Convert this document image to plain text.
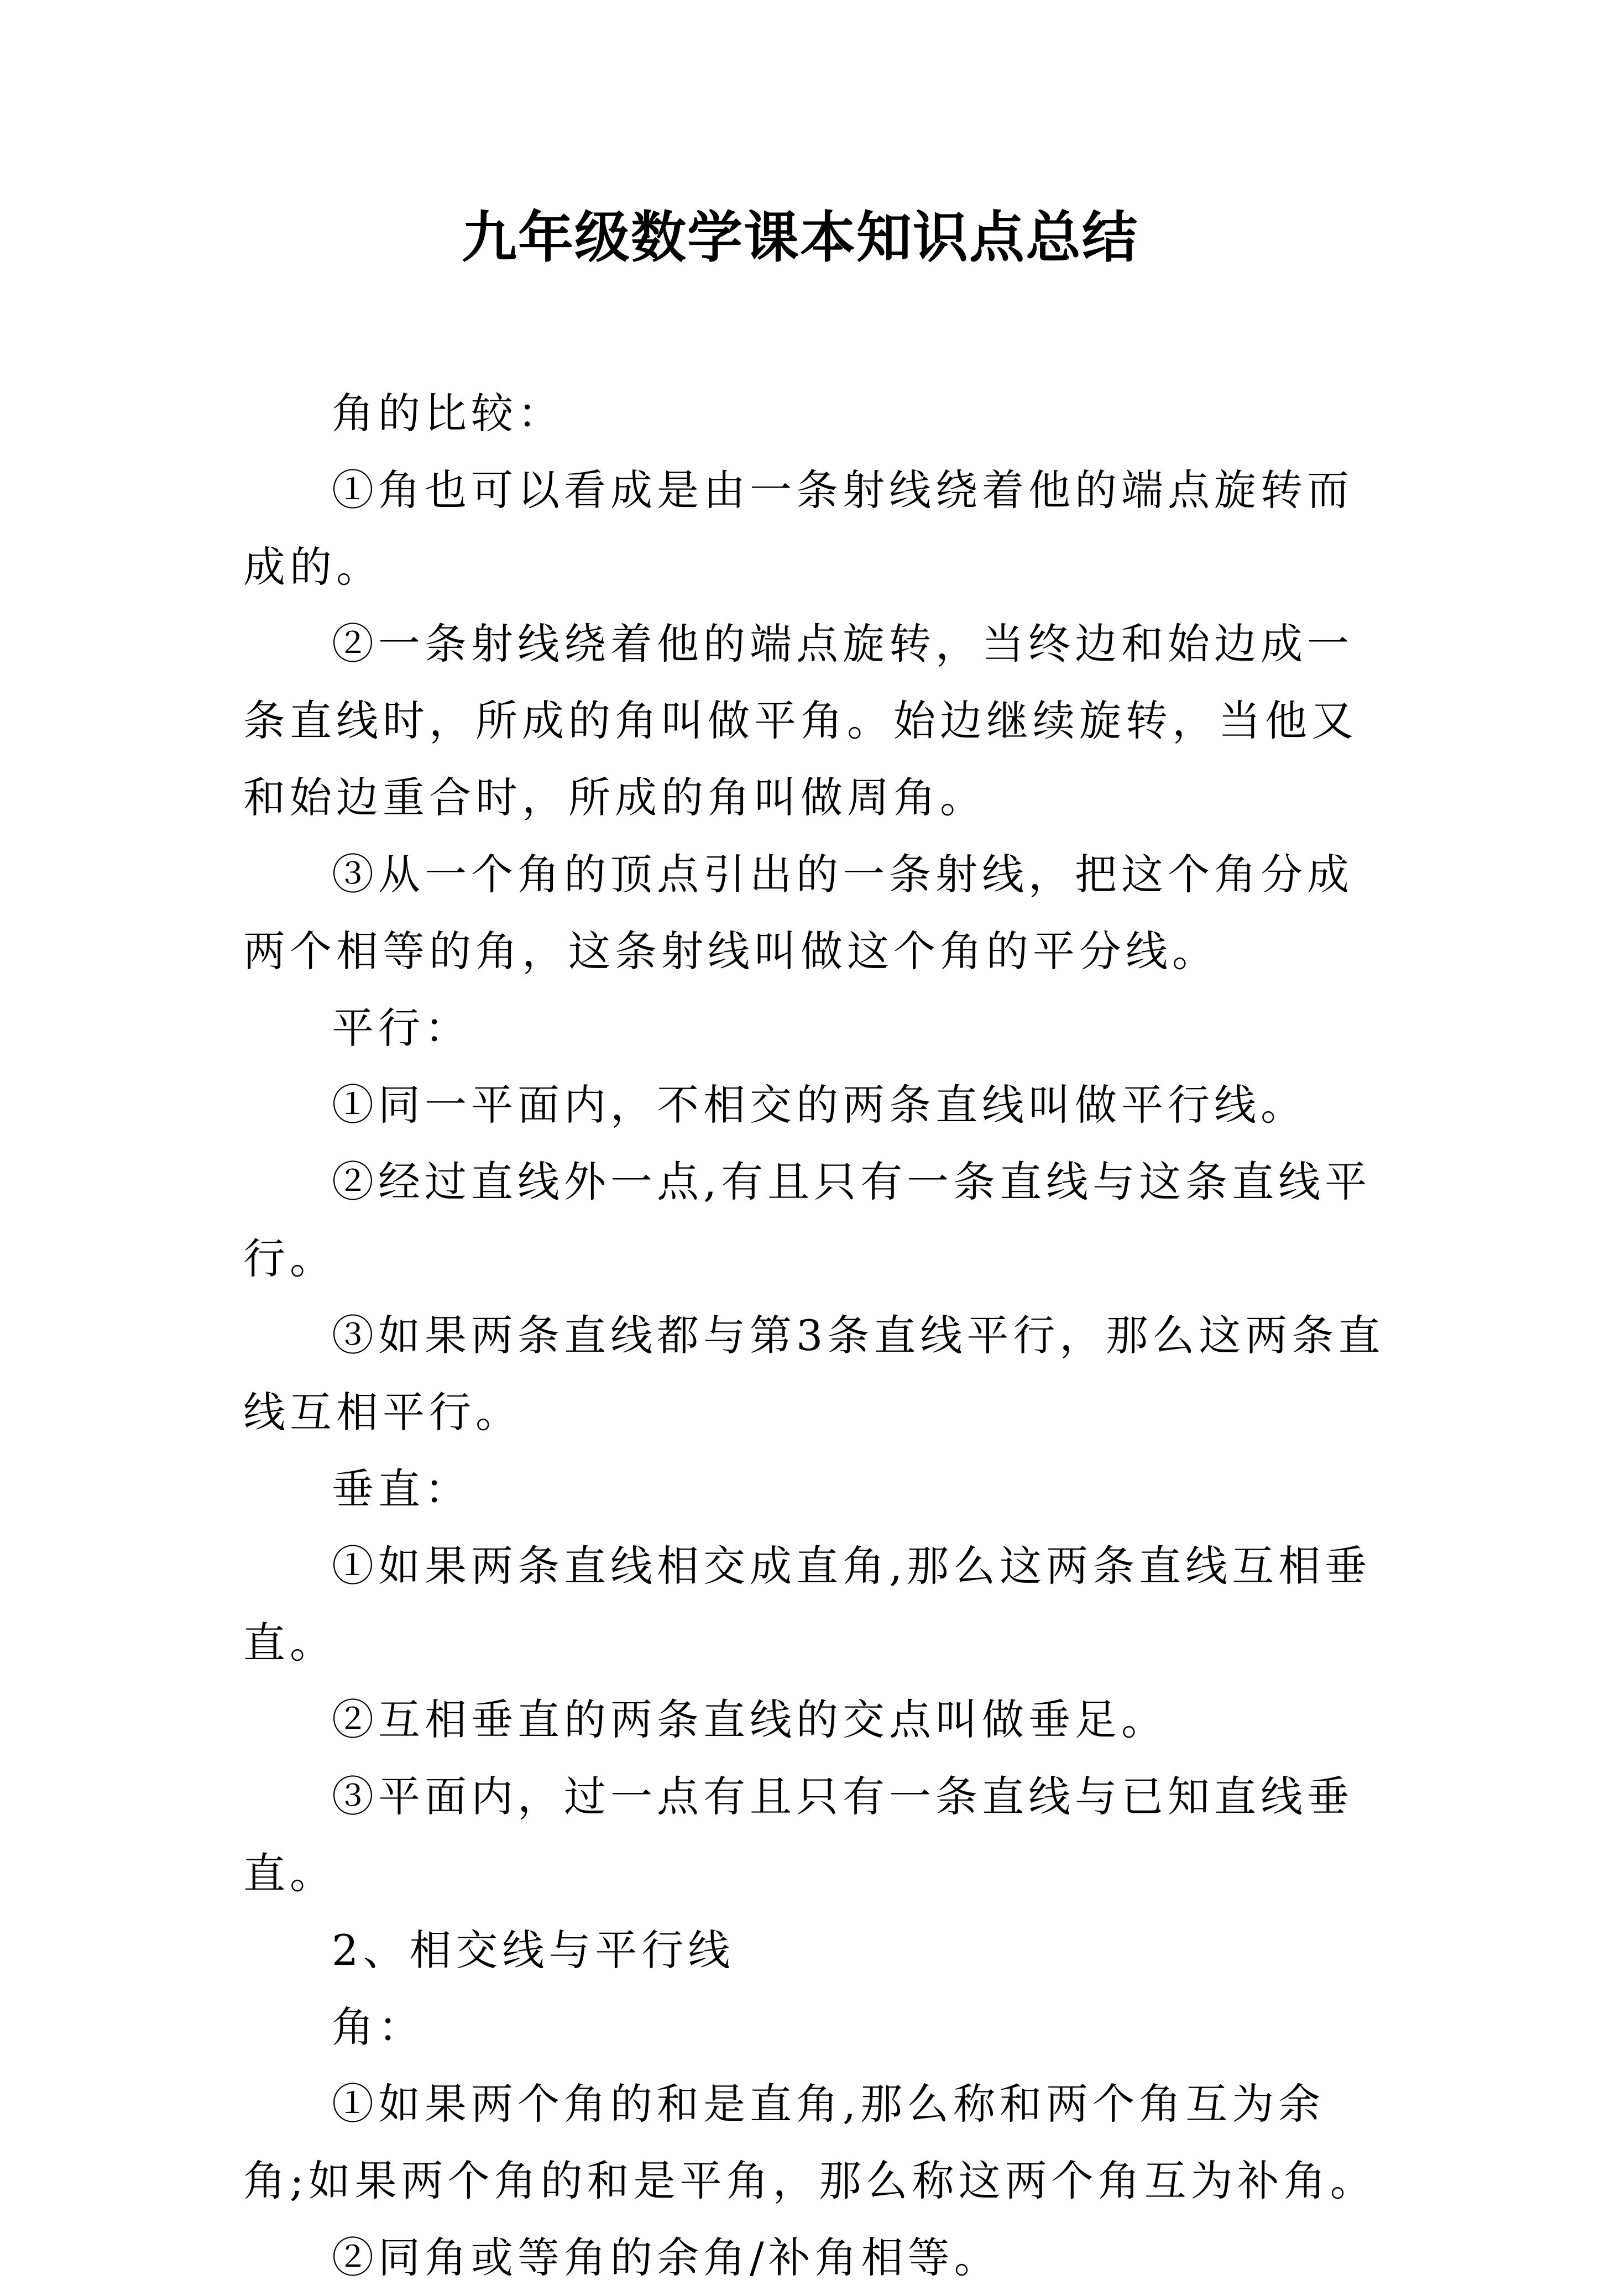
九年级数学课本知识点总结

角的比较：

①角也可以看成是由一条射线绕着他的端点旋转而成的。

②一条射线绕着他的端点旋转，当终边和始边成一条直线时，所成的角叫做平角。始边继续旋转，当他又和始边重合时，所成的角叫做周角。

③从一个角的顶点引出的一条射线，把这个角分成两个相等的角，这条射线叫做这个角的平分线。

平行：

①同一平面内，不相交的两条直线叫做平行线。

②经过直线外一点,有且只有一条直线与这条直线平行。

③如果两条直线都与第3条直线平行，那么这两条直线互相平行。

垂直：

①如果两条直线相交成直角,那么这两条直线互相垂直。

②互相垂直的两条直线的交点叫做垂足。

③平面内，过一点有且只有一条直线与已知直线垂直。

2、相交线与平行线

角：

①如果两个角的和是直角,那么称和两个角互为余角;如果两个角的和是平角，那么称这两个角互为补角。

②同角或等角的余角/补角相等。
